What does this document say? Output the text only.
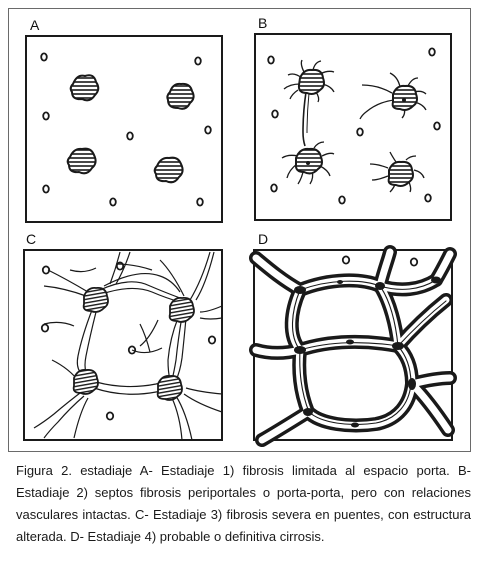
A	B
C	D

Figura 2. estadiaje A- Estadiaje 1) fibrosis limitada al espacio porta. B-Estadiaje 2) septos fibrosis periportales o porta-porta, pero con relaciones vasculares intactas. C- Estadiaje 3) fibrosis severa en puentes, con estructura alterada. D- Estadiaje 4) probable o definitiva cirrosis.
